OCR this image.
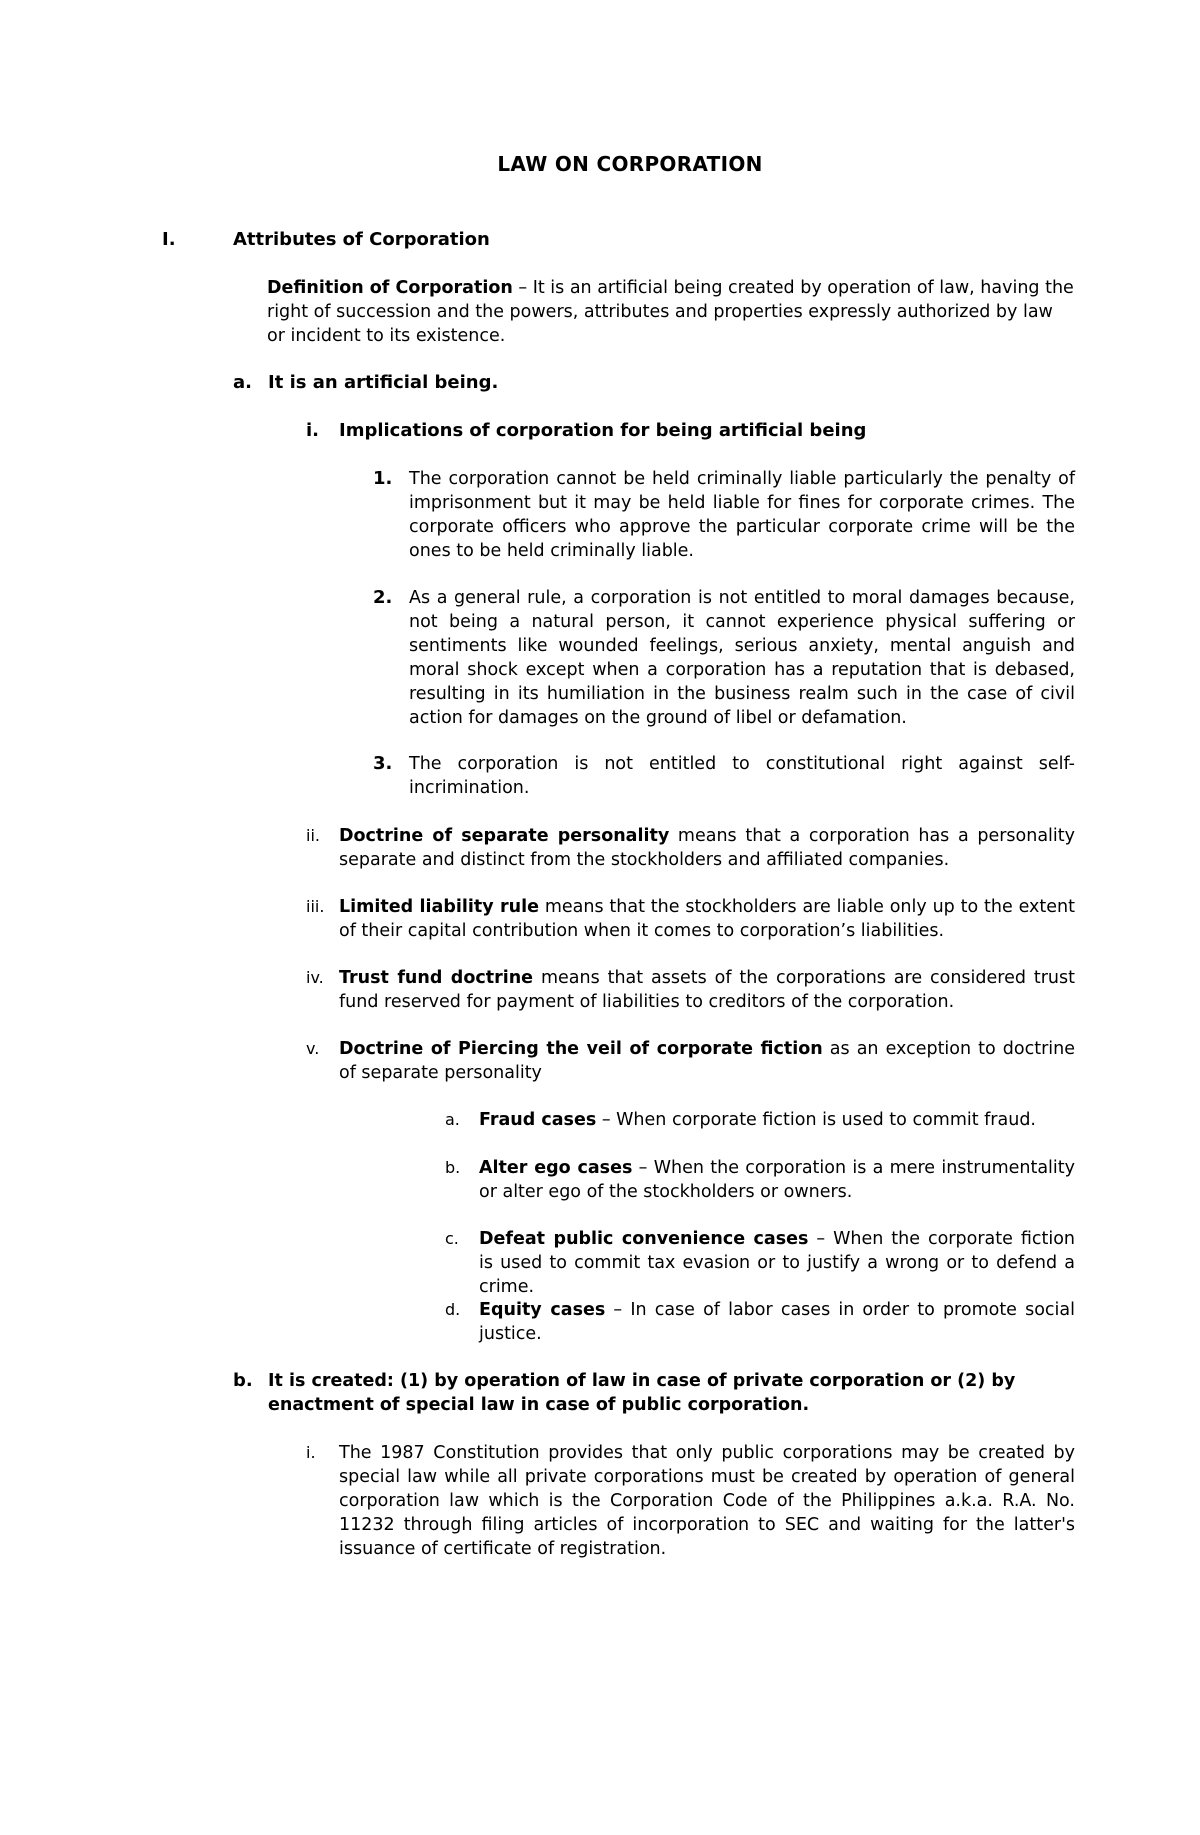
LAW ON CORPORATION
I.	Attributes of Corporation
Definition of Corporation – It is an artificial being created by operation of law, having the right of succession and the powers, attributes and properties expressly authorized by law or incident to its existence.
a. It is an artificial being.
i. Implications of corporation for being artificial being
1. The corporation cannot be held criminally liable particularly the penalty of imprisonment but it may be held liable for fines for corporate crimes. The corporate officers who approve the particular corporate crime will be the ones to be held criminally liable.
2. As a general rule, a corporation is not entitled to moral damages because, not being a natural person, it cannot experience physical suffering or sentiments like wounded feelings, serious anxiety, mental anguish and moral shock except when a corporation has a reputation that is debased, resulting in its humiliation in the business realm such in the case of civil action for damages on the ground of libel or defamation.
3. The corporation is not entitled to constitutional right against self-incrimination.
ii. Doctrine of separate personality means that a corporation has a personality separate and distinct from the stockholders and affiliated companies.
iii. Limited liability rule means that the stockholders are liable only up to the extent of their capital contribution when it comes to corporation’s liabilities.
iv. Trust fund doctrine means that assets of the corporations are considered trust fund reserved for payment of liabilities to creditors of the corporation.
v. Doctrine of Piercing the veil of corporate fiction as an exception to doctrine of separate personality
a. Fraud cases – When corporate fiction is used to commit fraud.
b. Alter ego cases – When the corporation is a mere instrumentality or alter ego of the stockholders or owners.
c. Defeat public convenience cases – When the corporate fiction is used to commit tax evasion or to justify a wrong or to defend a crime.
d. Equity cases – In case of labor cases in order to promote social justice.
b. It is created: (1) by operation of law in case of private corporation or (2) by enactment of special law in case of public corporation.
i. The 1987 Constitution provides that only public corporations may be created by special law while all private corporations must be created by operation of general corporation law which is the Corporation Code of the Philippines a.k.a. R.A. No. 11232 through filing articles of incorporation to SEC and waiting for the latter's issuance of certificate of registration.
